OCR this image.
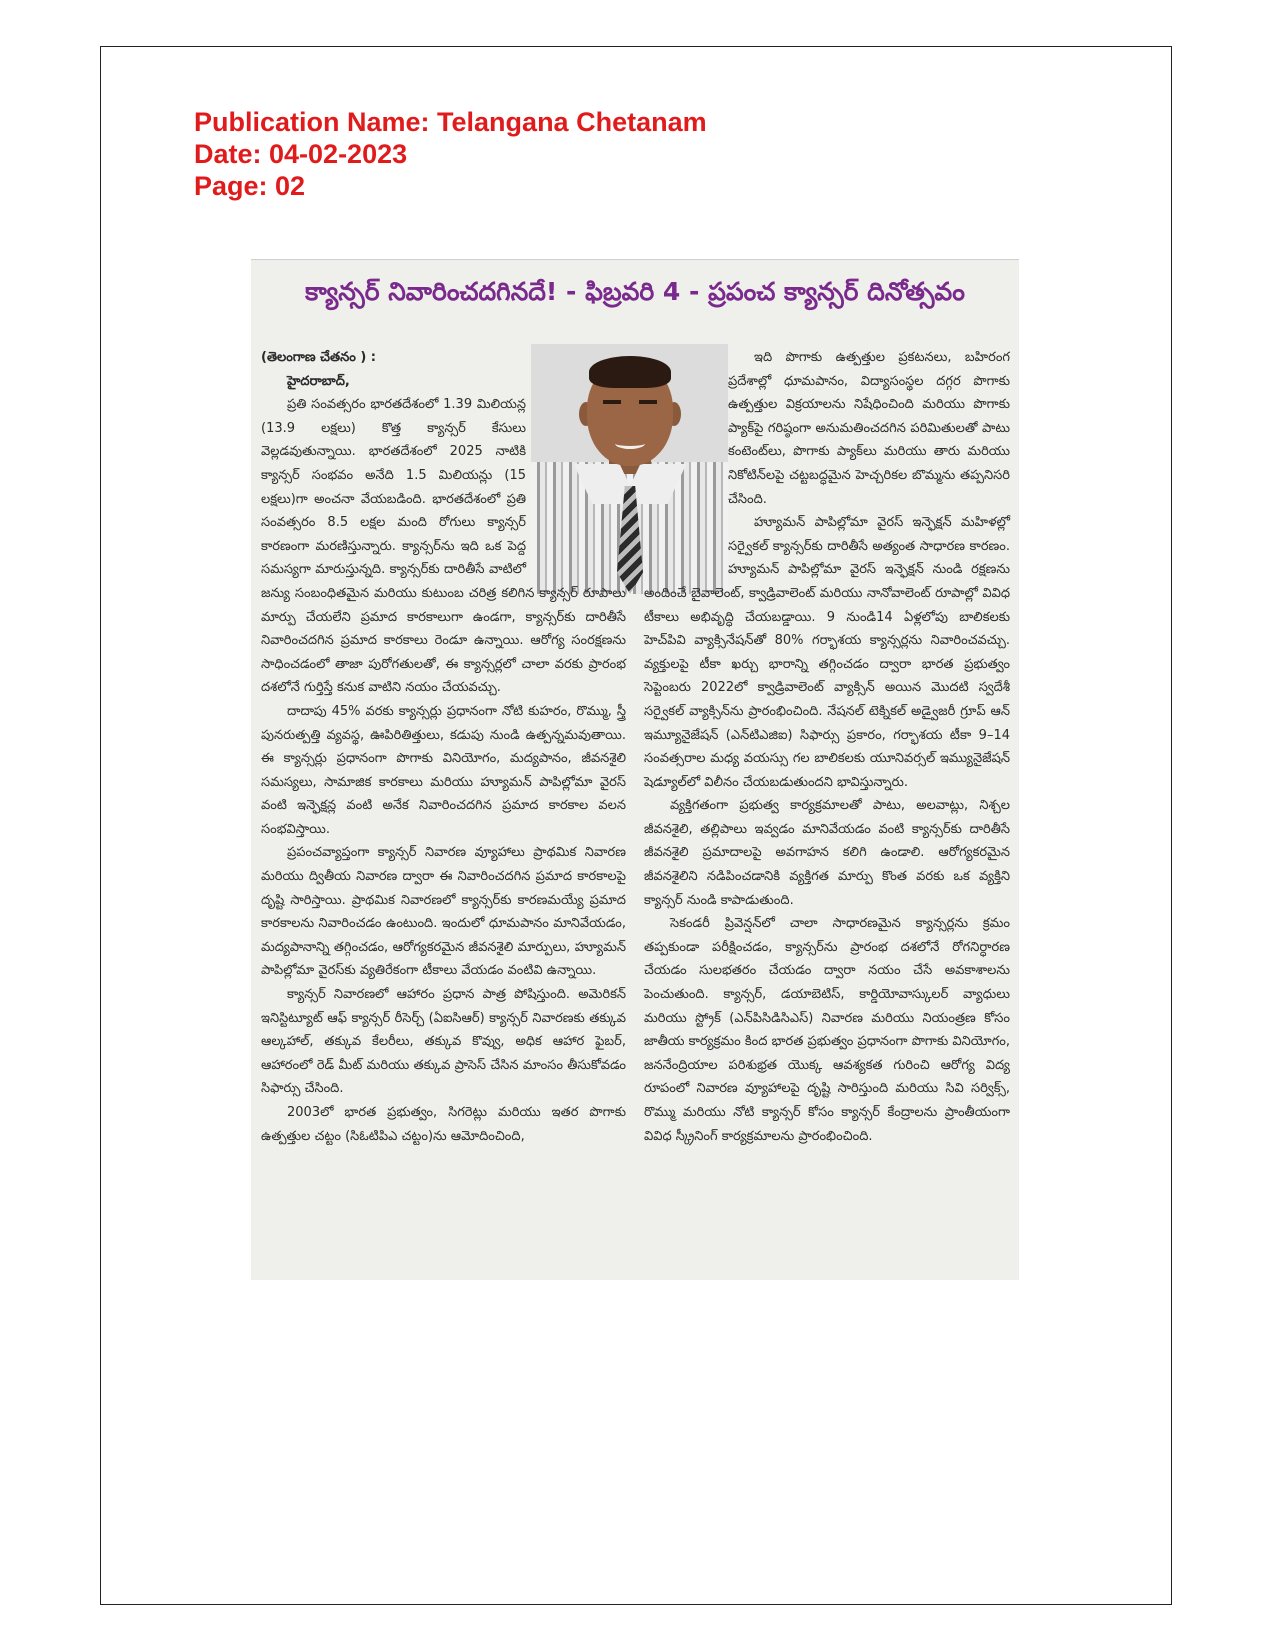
Publication Name: Telangana Chetanam
Date: 04-02-2023
Page: 02
క్యాన్సర్ నివారించదగినదే! - ఫిబ్రవరి 4 - ప్రపంచ క్యాన్సర్ దినోత్సవం

(తెలంగాణ చేతనం ) :

హైదరాబాద్,

ప్రతి సంవత్సరం భారతదేశంలో 1.39 మిలియన్ల (13.9 లక్షలు) కొత్త క్యాన్సర్ కేసులు వెల్లడవుతున్నాయి. భారతదేశంలో 2025 నాటికి క్యాన్సర్ సంభవం అనేది 1.5 మిలియన్లు (15 లక్షలు)గా అంచనా వేయబడింది. భారతదేశంలో ప్రతి సంవత్సరం 8.5 లక్షల మంది రోగులు క్యాన్సర్ కారణంగా మరణిస్తున్నారు. క్యాన్సర్‌ను ఇది ఒక పెద్ద సమస్యగా మారుస్తున్నది. క్యాన్సర్‌కు దారితీసే వాటిలో జన్యు సంబంధితమైన మరియు కుటుంబ చరిత్ర కలిగిన క్యాన్సర్ రూపాలు మార్పు చేయలేని ప్రమాద కారకాలుగా ఉండగా, క్యాన్సర్‌కు దారితీసే నివారించదగిన ప్రమాద కారకాలు రెండూ ఉన్నాయి. ఆరోగ్య సంరక్షణను సాధించడంలో తాజా పురోగతులతో, ఈ క్యాన్సర్లలో చాలా వరకు ప్రారంభ దశలోనే గుర్తిస్తే కనుక వాటిని నయం చేయవచ్చు.

దాదాపు 45% వరకు క్యాన్సర్లు ప్రధానంగా నోటి కుహరం, రొమ్ము, స్త్రీ పునరుత్పత్తి వ్యవస్థ, ఊపిరితిత్తులు, కడుపు నుండి ఉత్పన్నమవుతాయి. ఈ క్యాన్సర్లు ప్రధానంగా పొగాకు వినియోగం, మద్యపానం, జీవనశైలి సమస్యలు, సామాజిక కారకాలు మరియు హ్యూమన్ పాపిల్లోమా వైరస్ వంటి ఇన్ఫెక్షన్ల వంటి అనేక నివారించదగిన ప్రమాద కారకాల వలన సంభవిస్తాయి.

ప్రపంచవ్యాప్తంగా క్యాన్సర్ నివారణ వ్యూహాలు ప్రాథమిక నివారణ మరియు ద్వితీయ నివారణ ద్వారా ఈ నివారించదగిన ప్రమాద కారకాలపై దృష్టి సారిస్తాయి. ప్రాథమిక నివారణలో క్యాన్సర్‌కు కారణమయ్యే ప్రమాద కారకాలను నివారించడం ఉంటుంది. ఇందులో ధూమపానం మానివేయడం, మద్యపానాన్ని తగ్గించడం, ఆరోగ్యకరమైన జీవనశైలి మార్పులు, హ్యూమన్ పాపిల్లోమా వైరస్‌కు వ్యతిరేకంగా టీకాలు వేయడం వంటివి ఉన్నాయి.

క్యాన్సర్ నివారణలో ఆహారం ప్రధాన పాత్ర పోషిస్తుంది. అమెరికన్ ఇనిస్టిట్యూట్ ఆఫ్ క్యాన్సర్ రీసెర్చ్ (ఏఐసిఆర్) క్యాన్సర్ నివారణకు తక్కువ ఆల్కహాల్, తక్కువ కేలరీలు, తక్కువ కొవ్వు, అధిక ఆహార ఫైబర్, ఆహారంలో రెడ్ మీట్ మరియు తక్కువ ప్రాసెస్ చేసిన మాంసం తీసుకోవడం సిఫార్సు చేసింది.

2003లో భారత ప్రభుత్వం, సిగరెట్లు మరియు ఇతర పొగాకు ఉత్పత్తుల చట్టం (సిఓటిపిఎ చట్టం)ను ఆమోదించింది,

ఇది పొగాకు ఉత్పత్తుల ప్రకటనలు, బహిరంగ ప్రదేశాల్లో ధూమపానం, విద్యాసంస్థల దగ్గర పొగాకు ఉత్పత్తుల విక్రయాలను నిషేధించింది మరియు పొగాకు ప్యాక్‌పై గరిష్ఠంగా అనుమతించదగిన పరిమితులతో పాటు కంటెంట్‌లు, పొగాకు ప్యాక్‌లు మరియు తారు మరియు నికోటిన్‌లపై చట్టబద్ధమైన హెచ్చరికల బొమ్మను తప్పనిసరి చేసింది.

హ్యూమన్ పాపిల్లోమా వైరస్ ఇన్ఫెక్షన్ మహిళల్లో సర్వైకల్ క్యాన్సర్‌కు దారితీసే అత్యంత సాధారణ కారణం. హ్యూమన్ పాపిల్లోమా వైరస్ ఇన్ఫెక్షన్ నుండి రక్షణను అందించే బైవాలెంట్, క్వాడ్రివాలెంట్ మరియు నానోవాలెంట్ రూపాల్లో వివిధ టీకాలు అభివృద్ధి చేయబడ్డాయి. 9 నుండి14 ఏళ్లలోపు బాలికలకు హెచ్‌పివి వ్యాక్సినేషన్‌తో 80% గర్భాశయ క్యాన్సర్లను నివారించవచ్చు. వ్యక్తులపై టీకా ఖర్చు భారాన్ని తగ్గించడం ద్వారా భారత ప్రభుత్వం సెప్టెంబరు 2022లో క్వాడ్రివాలెంట్ వ్యాక్సిన్ అయిన మొదటి స్వదేశీ సర్వైకల్ వ్యాక్సిన్‌ను ప్రారంభించింది. నేషనల్ టెక్నికల్ అడ్వైజరీ గ్రూప్ ఆన్ ఇమ్యూనైజేషన్ (ఎన్‌టిఎజిఐ) సిఫార్సు ప్రకారం, గర్భాశయ టీకా 9–14 సంవత్సరాల మధ్య వయస్సు గల బాలికలకు యూనివర్సల్ ఇమ్యునైజేషన్ షెడ్యూల్‌లో విలీనం చేయబడుతుందని భావిస్తున్నారు.

వ్యక్తిగతంగా ప్రభుత్వ కార్యక్రమాలతో పాటు, అలవాట్లు, నిశ్చల జీవనశైలి, తల్లిపాలు ఇవ్వడం మానివేయడం వంటి క్యాన్సర్‌కు దారితీసే జీవనశైలి ప్రమాదాలపై అవగాహన కలిగి ఉండాలి. ఆరోగ్యకరమైన జీవనశైలిని నడిపించడానికి వ్యక్తిగత మార్పు కొంత వరకు ఒక వ్యక్తిని క్యాన్సర్ నుండి కాపాడుతుంది.

సెకండరీ ప్రివెన్షన్‌లో చాలా సాధారణమైన క్యాన్సర్లను క్రమం తప్పకుండా పరీక్షించడం, క్యాన్సర్‌ను ప్రారంభ దశలోనే రోగనిర్ధారణ చేయడం సులభతరం చేయడం ద్వారా నయం చేసే అవకాశాలను పెంచుతుంది. క్యాన్సర్, డయాబెటిస్, కార్డియోవాస్కులర్ వ్యాధులు మరియు స్ట్రోక్ (ఎన్‌పిసిడిసిఎస్) నివారణ మరియు నియంత్రణ కోసం జాతీయ కార్యక్రమం కింద భారత ప్రభుత్వం ప్రధానంగా పొగాకు వినియోగం, జననేంద్రియాల పరిశుభ్రత యొక్క ఆవశ్యకత గురించి ఆరోగ్య విద్య రూపంలో నివారణ వ్యూహాలపై దృష్టి సారిస్తుంది మరియు సివి సర్విక్స్, రొమ్ము మరియు నోటి క్యాన్సర్ కోసం క్యాన్సర్ కేంద్రాలను ప్రాంతీయంగా వివిధ స్క్రీనింగ్ కార్యక్రమాలను ప్రారంభించింది.
